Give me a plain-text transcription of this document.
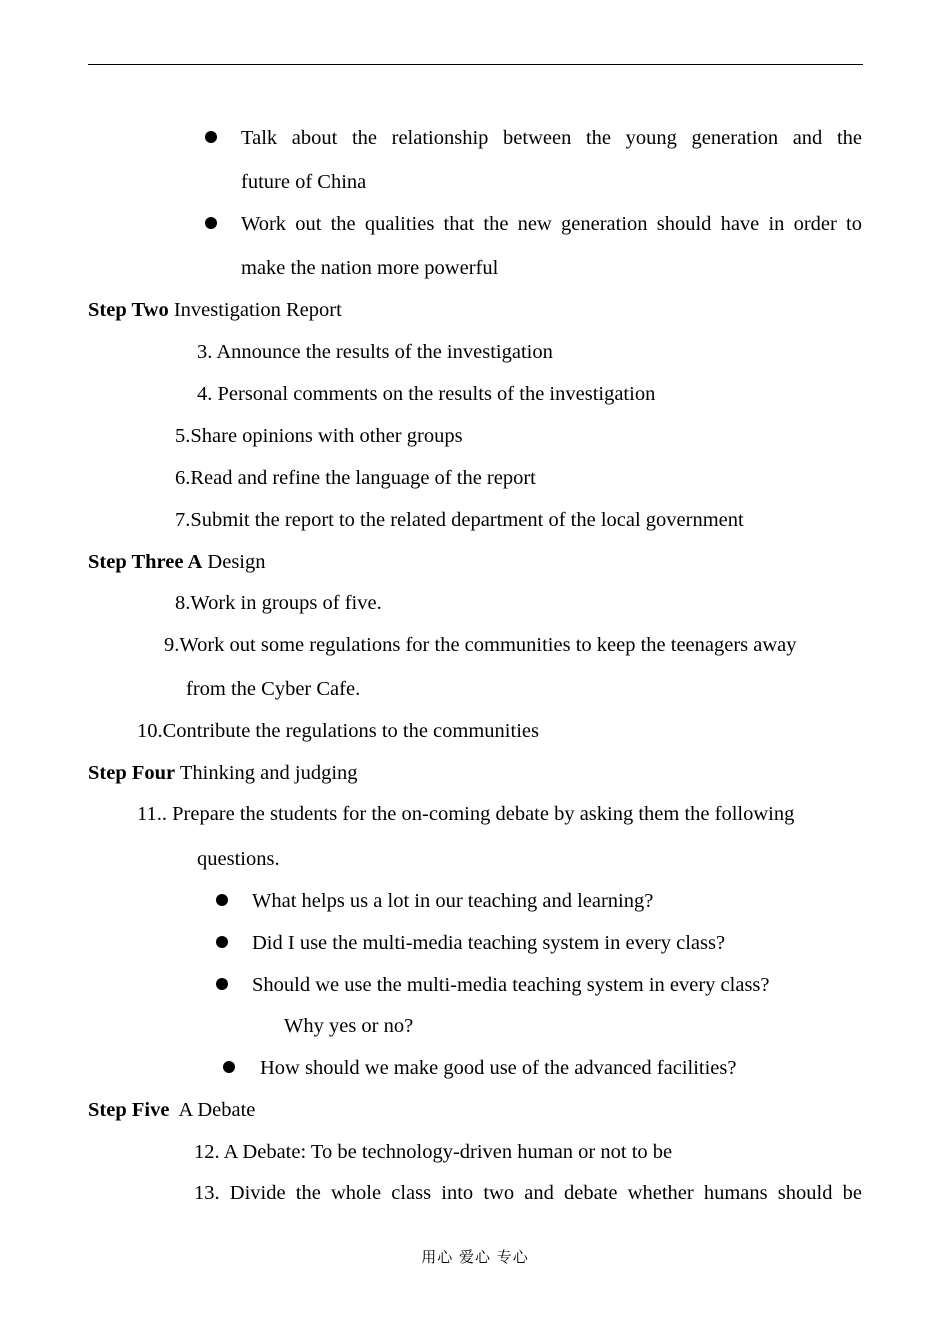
Talk about the relationship between the young generation and the
future of China
Work out the qualities that the new generation should have in order to
make the nation more powerful
Step Two Investigation Report
3. Announce the results of the investigation
4. Personal comments on the results of the investigation
5.Share opinions with other groups
6.Read and refine the language of the report
7.Submit the report to the related department of the local government
Step Three A Design
8.Work in groups of five.
9.Work out some regulations for the communities to keep the teenagers away
from the Cyber Cafe.
10.Contribute the regulations to the communities
Step Four Thinking and judging
11.. Prepare the students for the on-coming debate by asking them the following
questions.
What helps us a lot in our teaching and learning?
Did I use the multi-media teaching system in every class?
Should we use the multi-media teaching system in every class?
Why yes or no?
How should we make good use of the advanced facilities?
Step Five A Debate
12. A Debate: To be technology-driven human or not to be
13. Divide the whole class into two and debate whether humans should be
用心 爱心 专心
